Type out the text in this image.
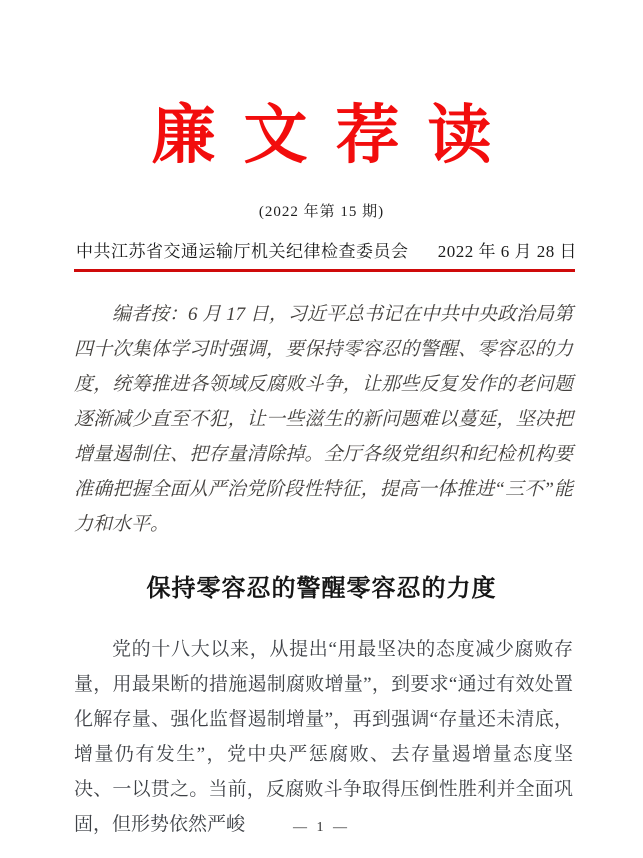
廉文荐读
(2022 年第 15 期)
中共江苏省交通运输厅机关纪律检查委员会 2022 年 6 月 28 日

编者按：6 月 17 日，习近平总书记在中共中央政治局第四十次集体学习时强调，要保持零容忍的警醒、零容忍的力度，统筹推进各领域反腐败斗争，让那些反复发作的老问题逐渐减少直至不犯，让一些滋生的新问题难以蔓延，坚决把增量遏制住、把存量清除掉。全厅各级党组织和纪检机构要准确把握全面从严治党阶段性特征，提高一体推进“三不”能力和水平。

保持零容忍的警醒零容忍的力度

党的十八大以来，从提出“用最坚决的态度减少腐败存量，用最果断的措施遏制腐败增量”，到要求“通过有效处置化解存量、强化监督遏制增量”，再到强调“存量还未清底，增量仍有发生”，党中央严惩腐败、去存量遏增量态度坚决、一以贯之。当前，反腐败斗争取得压倒性胜利并全面巩固，但形势依然严峻	— 1 —
